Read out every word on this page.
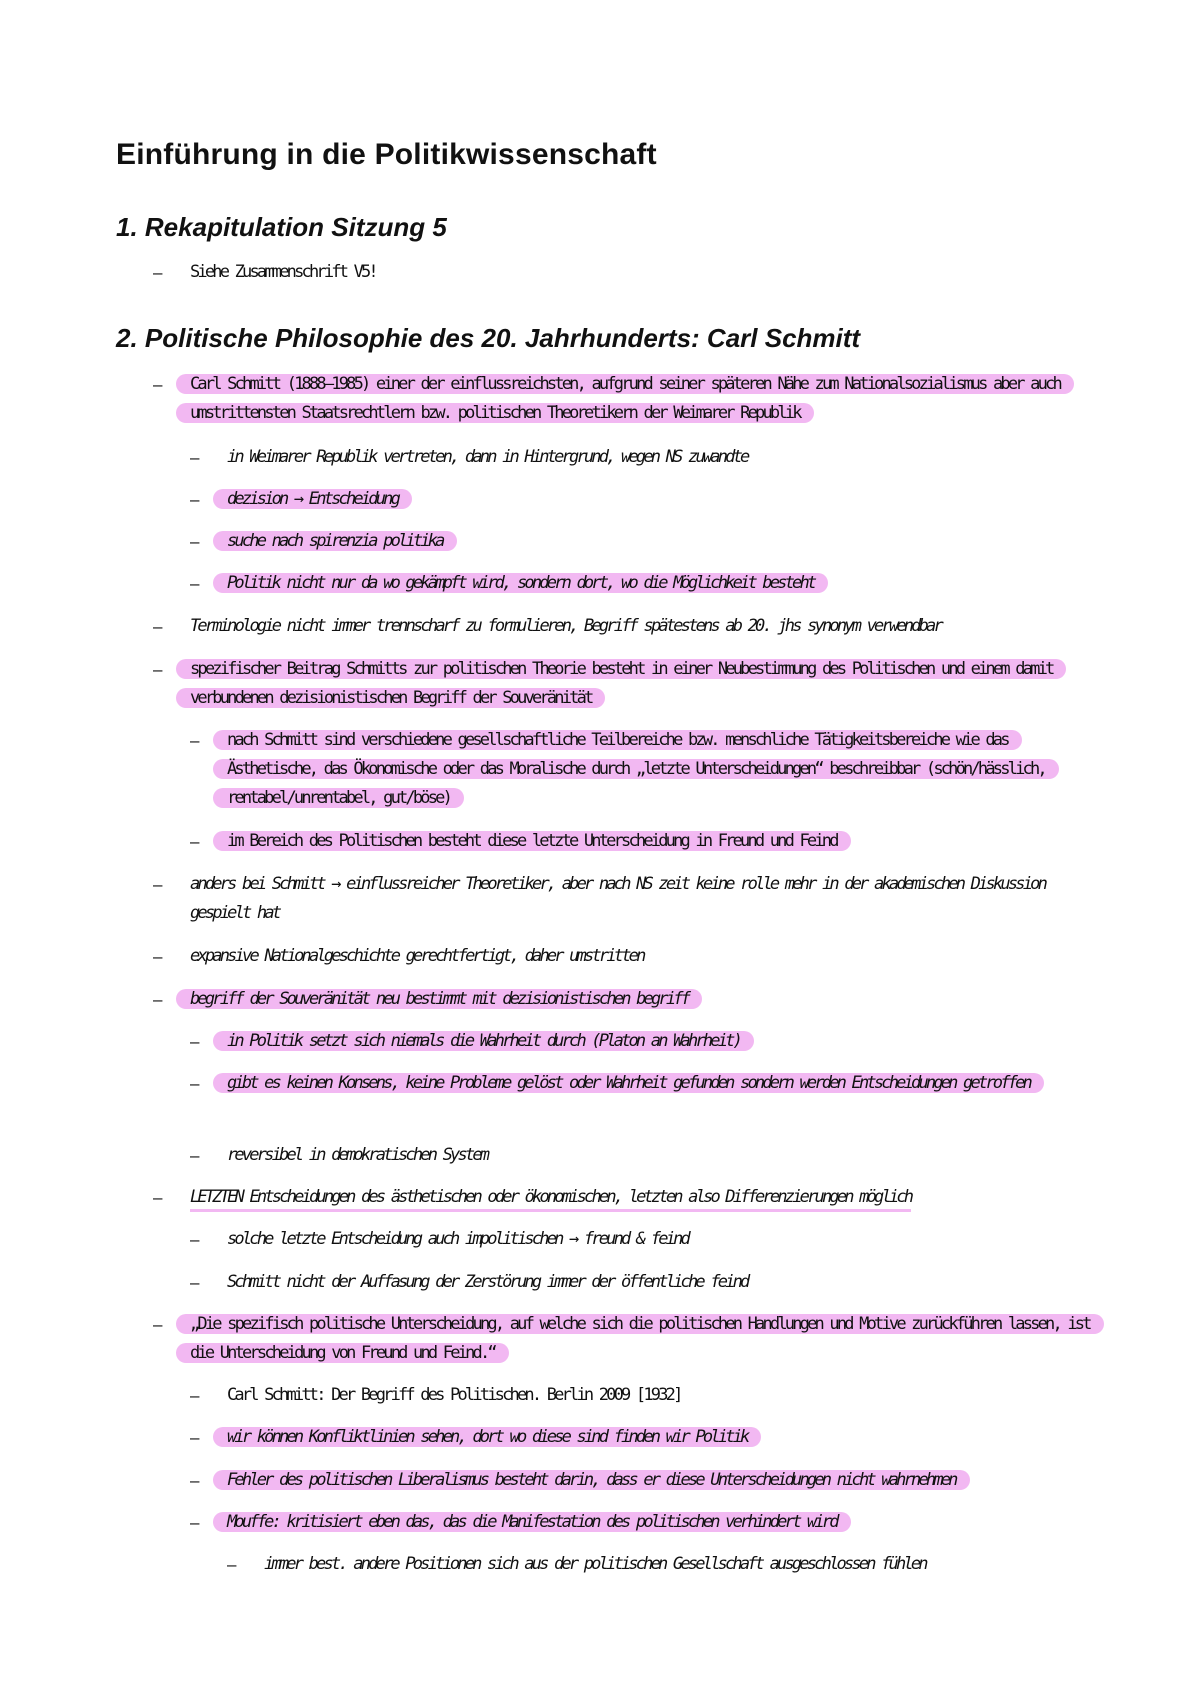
Einführung in die Politikwissenschaft
1. Rekapitulation Sitzung 5
– Siehe Zusammenschrift V5!
2. Politische Philosophie des 20. Jahrhunderts: Carl Schmitt
– Carl Schmitt (1888–1985) einer der einflussreichsten, aufgrund seiner späteren Nähe zum Nationalsozialismus aber auch umstrittensten Staatsrechtlern bzw. politischen Theoretikern der Weimarer Republik
– in Weimarer Republik vertreten, dann in Hintergrund, wegen NS zuwandte
– dezision → Entscheidung
– suche nach spirenzia politika
– Politik nicht nur da wo gekämpft wird, sondern dort, wo die Möglichkeit besteht
– Terminologie nicht immer trennscharf zu formulieren, Begriff spätestens ab 20. jhs synonym verwendbar
– spezifischer Beitrag Schmitts zur politischen Theorie besteht in einer Neubestimmung des Politischen und einem damit verbundenen dezisionistischen Begriff der Souveränität
– nach Schmitt sind verschiedene gesellschaftliche Teilbereiche bzw. menschliche Tätigkeitsbereiche wie das Ästhetische, das Ökonomische oder das Moralische durch „letzte Unterscheidungen“ beschreibbar (schön/hässlich, rentabel/unrentabel, gut/böse)
– im Bereich des Politischen besteht diese letzte Unterscheidung in Freund und Feind
– anders bei Schmitt → einflussreicher Theoretiker, aber nach NS zeit keine rolle mehr in der akademischen Diskussion gespielt hat
– expansive Nationalgeschichte gerechtfertigt, daher umstritten
– begriff der Souveränität neu bestimmt mit dezisionistischen begriff
– in Politik setzt sich niemals die Wahrheit durch (Platon an Wahrheit)
– gibt es keinen Konsens, keine Probleme gelöst oder Wahrheit gefunden sondern werden Entscheidungen getroffen
– reversibel in demokratischen System
– LETZTEN Entscheidungen des ästhetischen oder ökonomischen, letzten also Differenzierungen möglich
– solche letzte Entscheidung auch impolitischen → freund & feind
– Schmitt nicht der Auffasung der Zerstörung immer der öffentliche feind
– „Die spezifisch politische Unterscheidung, auf welche sich die politischen Handlungen und Motive zurückführen lassen, ist die Unterscheidung von Freund und Feind.“
– Carl Schmitt: Der Begriff des Politischen. Berlin 2009 [1932]
– wir können Konfliktlinien sehen, dort wo diese sind finden wir Politik
– Fehler des politischen Liberalismus besteht darin, dass er diese Unterscheidungen nicht wahrnehmen
– Mouffe: kritisiert eben das, das die Manifestation des politischen verhindert wird
– immer best. andere Positionen sich aus der politischen Gesellschaft ausgeschlossen fühlen
